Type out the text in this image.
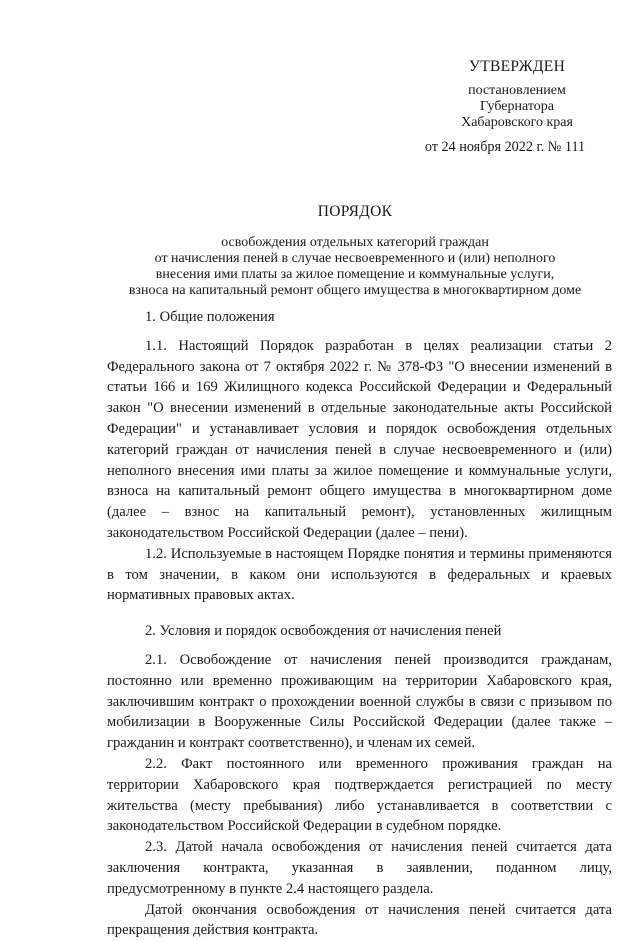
УТВЕРЖДЕН
постановлением
Губернатора
Хабаровского края
от 24 ноября 2022 г. № 111
ПОРЯДОК
освобождения отдельных категорий граждан
от начисления пеней в случае несвоевременного и (или) неполного
внесения ими платы за жилое помещение и коммунальные услуги,
взноса на капитальный ремонт общего имущества в многоквартирном доме
1. Общие положения

1.1. Настоящий Порядок разработан в целях реализации статьи 2 Федерального закона от 7 октября 2022 г. № 378-ФЗ "О внесении изменений в статьи 166 и 169 Жилищного кодекса Российской Федерации и Федеральный закон "О внесении изменений в отдельные законодательные акты Российской Федерации" и устанавливает условия и порядок освобождения отдельных категорий граждан от начисления пеней в случае несвоевременного и (или) неполного внесения ими платы за жилое помещение и коммунальные услуги, взноса на капитальный ремонт общего имущества в многоквартирном доме (далее – взнос на капитальный ремонт), установленных жилищным законодательством Российской Федерации (далее – пени).

1.2. Используемые в настоящем Порядке понятия и термины применяются в том значении, в каком они используются в федеральных и краевых нормативных правовых актах.

2. Условия и порядок освобождения от начисления пеней

2.1. Освобождение от начисления пеней производится гражданам, постоянно или временно проживающим на территории Хабаровского края, заключившим контракт о прохождении военной службы в связи с призывом по мобилизации в Вооруженные Силы Российской Федерации (далее также – гражданин и контракт соответственно), и членам их семей.

2.2. Факт постоянного или временного проживания граждан на территории Хабаровского края подтверждается регистрацией по месту жительства (месту пребывания) либо устанавливается в соответствии с законодательством Российской Федерации в судебном порядке.

2.3. Датой начала освобождения от начисления пеней считается дата заключения контракта, указанная в заявлении, поданном лицу, предусмотренному в пункте 2.4 настоящего раздела.

Датой окончания освобождения от начисления пеней считается дата прекращения действия контракта.
